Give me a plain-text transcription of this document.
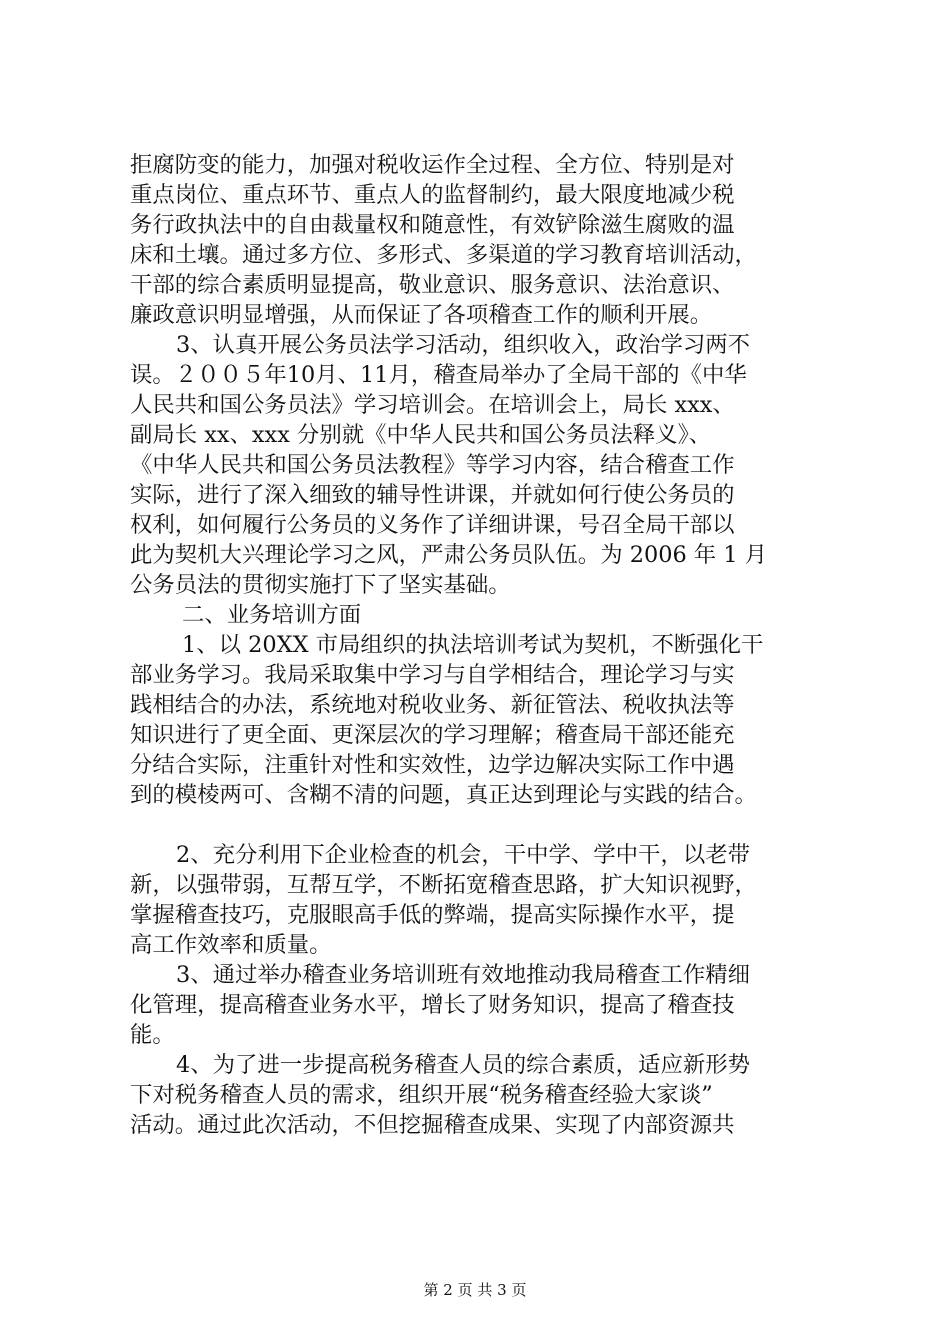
拒腐防变的能力，加强对税收运作全过程、全方位、特别是对
重点岗位、重点环节、重点人的监督制约，最大限度地减少税
务行政执法中的自由裁量权和随意性，有效铲除滋生腐败的温
床和土壤。通过多方位、多形式、多渠道的学习教育培训活动，
干部的综合素质明显提高，敬业意识、服务意识、法治意识、
廉政意识明显增强，从而保证了各项稽查工作的顺利开展。
3、认真开展公务员法学习活动，组织收入，政治学习两不
误。２００５年10月、11月，稽查局举办了全局干部的《中华
人民共和国公务员法》学习培训会。在培训会上，局长 xxx、
副局长 xx、xxx 分别就《中华人民共和国公务员法释义》、
《中华人民共和国公务员法教程》等学习内容，结合稽查工作
实际，进行了深入细致的辅导性讲课，并就如何行使公务员的
权利，如何履行公务员的义务作了详细讲课，号召全局干部以
此为契机大兴理论学习之风，严肃公务员队伍。为 2006 年 1 月
公务员法的贯彻实施打下了坚实基础。
二、业务培训方面
1、以 20XX 市局组织的执法培训考试为契机，不断强化干
部业务学习。我局采取集中学习与自学相结合，理论学习与实
践相结合的办法，系统地对税收业务、新征管法、税收执法等
知识进行了更全面、更深层次的学习理解；稽查局干部还能充
分结合实际，注重针对性和实效性，边学边解决实际工作中遇
到的模棱两可、含糊不清的问题，真正达到理论与实践的结合。
2、充分利用下企业检查的机会，干中学、学中干，以老带
新，以强带弱，互帮互学，不断拓宽稽查思路，扩大知识视野，
掌握稽查技巧，克服眼高手低的弊端，提高实际操作水平，提
高工作效率和质量。
3、通过举办稽查业务培训班有效地推动我局稽查工作精细
化管理，提高稽查业务水平，增长了财务知识，提高了稽查技
能。
4、为了进一步提高税务稽查人员的综合素质，适应新形势
下对税务稽查人员的需求，组织开展“税务稽查经验大家谈”
活动。通过此次活动，不但挖掘稽查成果、实现了内部资源共
第 2 页 共 3 页
